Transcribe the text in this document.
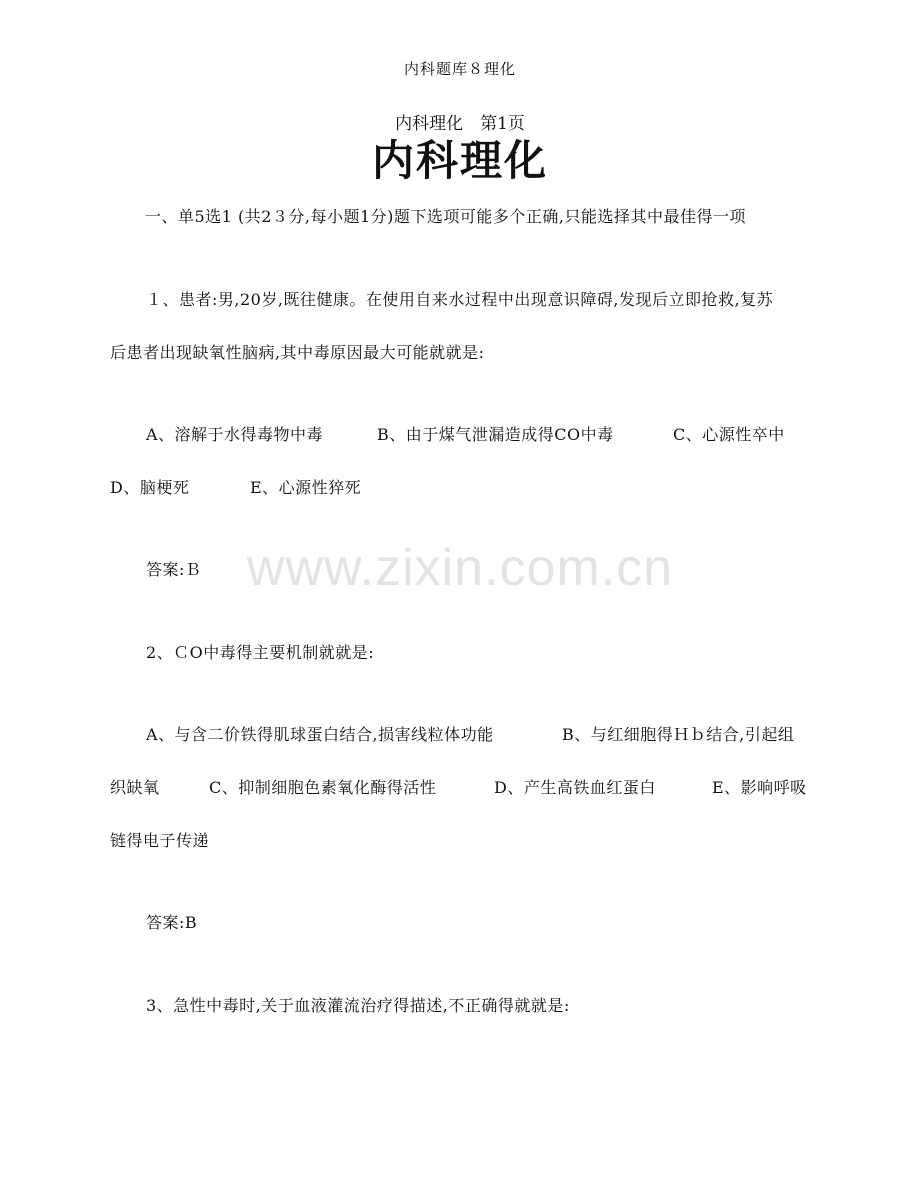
内科题库８理化
内科理化　第1页
内科理化
一、单5选1 (共2３分,每小题1分)题下选项可能多个正确,只能选择其中最佳得一项
１、患者:男,20岁,既往健康。在使用自来水过程中出现意识障碍,发现后立即抢救,复苏
后患者出现缺氧性脑病,其中毒原因最大可能就就是:
A、溶解于水得毒物中毒	B、由于煤气泄漏造成得CO中毒	C、心源性卒中
D、脑梗死	E、心源性猝死
答案:Ｂ
2、ＣO中毒得主要机制就就是:
A、与含二价铁得肌球蛋白结合,损害线粒体功能	B、与红细胞得Ｈｂ结合,引起组
织缺氧	C、抑制细胞色素氧化酶得活性	D、产生高铁血红蛋白	E、影响呼吸
链得电子传递
答案:B
3、急性中毒时,关于血液灌流治疗得描述,不正确得就就是:
www.zixin.com.cn
